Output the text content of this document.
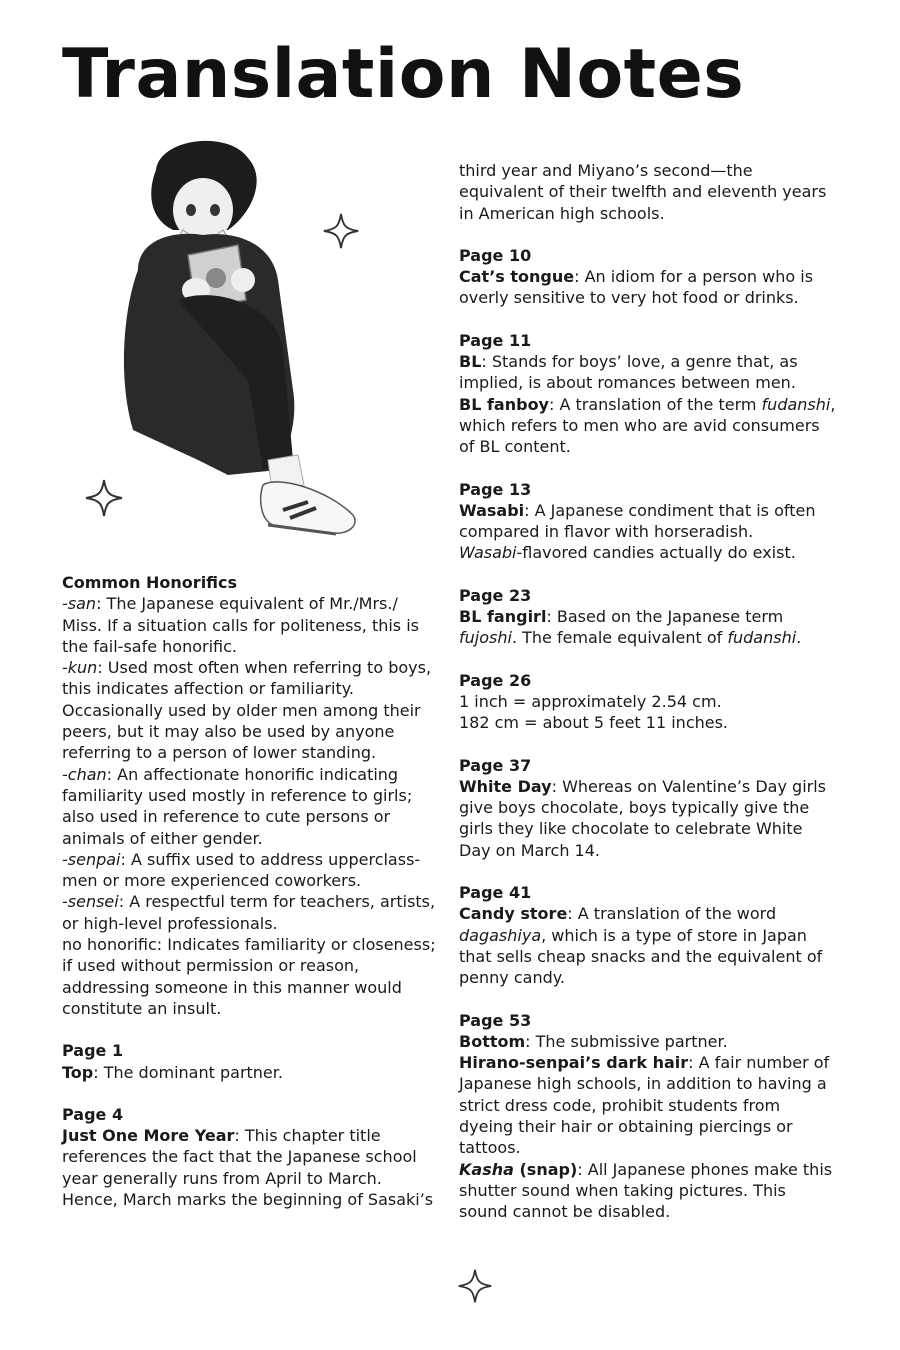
Translation Notes

Common Honorifics

-san: The Japanese equivalent of Mr./Mrs./ Miss. If a situation calls for politeness, this is the fail-safe honorific.

-kun: Used most often when referring to boys, this indicates affection or familiarity. Occasionally used by older men among their peers, but it may also be used by anyone referring to a person of lower standing.

-chan: An affectionate honorific indicating familiarity used mostly in reference to girls; also used in reference to cute persons or animals of either gender.

-senpai: A suffix used to address upperclass- men or more experienced coworkers.

-sensei: A respectful term for teachers, artists, or high-level professionals.

no honorific: Indicates familiarity or closeness; if used without permission or reason, addressing someone in this manner would constitute an insult.

Page 1

Top: The dominant partner.

Page 4

Just One More Year: This chapter title references the fact that the Japanese school year generally runs from April to March. Hence, March marks the beginning of Sasaki’s

third year and Miyano’s second—the equivalent of their twelfth and eleventh years in American high schools.

Page 10

Cat’s tongue: An idiom for a person who is overly sensitive to very hot food or drinks.

Page 11

BL: Stands for boys’ love, a genre that, as implied, is about romances between men.

BL fanboy: A translation of the term fudanshi, which refers to men who are avid consumers of BL content.

Page 13

Wasabi: A Japanese condiment that is often compared in flavor with horseradish.

Wasabi-flavored candies actually do exist.

Page 23

BL fangirl: Based on the Japanese term fujoshi. The female equivalent of fudanshi.

Page 26

1 inch = approximately 2.54 cm.

182 cm = about 5 feet 11 inches.

Page 37

White Day: Whereas on Valentine’s Day girls give boys chocolate, boys typically give the girls they like chocolate to celebrate White Day on March 14.

Page 41

Candy store: A translation of the word dagashiya, which is a type of store in Japan that sells cheap snacks and the equivalent of penny candy.

Page 53

Bottom: The submissive partner.

Hirano-senpai’s dark hair: A fair number of Japanese high schools, in addition to having a strict dress code, prohibit students from dyeing their hair or obtaining piercings or tattoos.

Kasha (snap): All Japanese phones make this shutter sound when taking pictures. This sound cannot be disabled.
